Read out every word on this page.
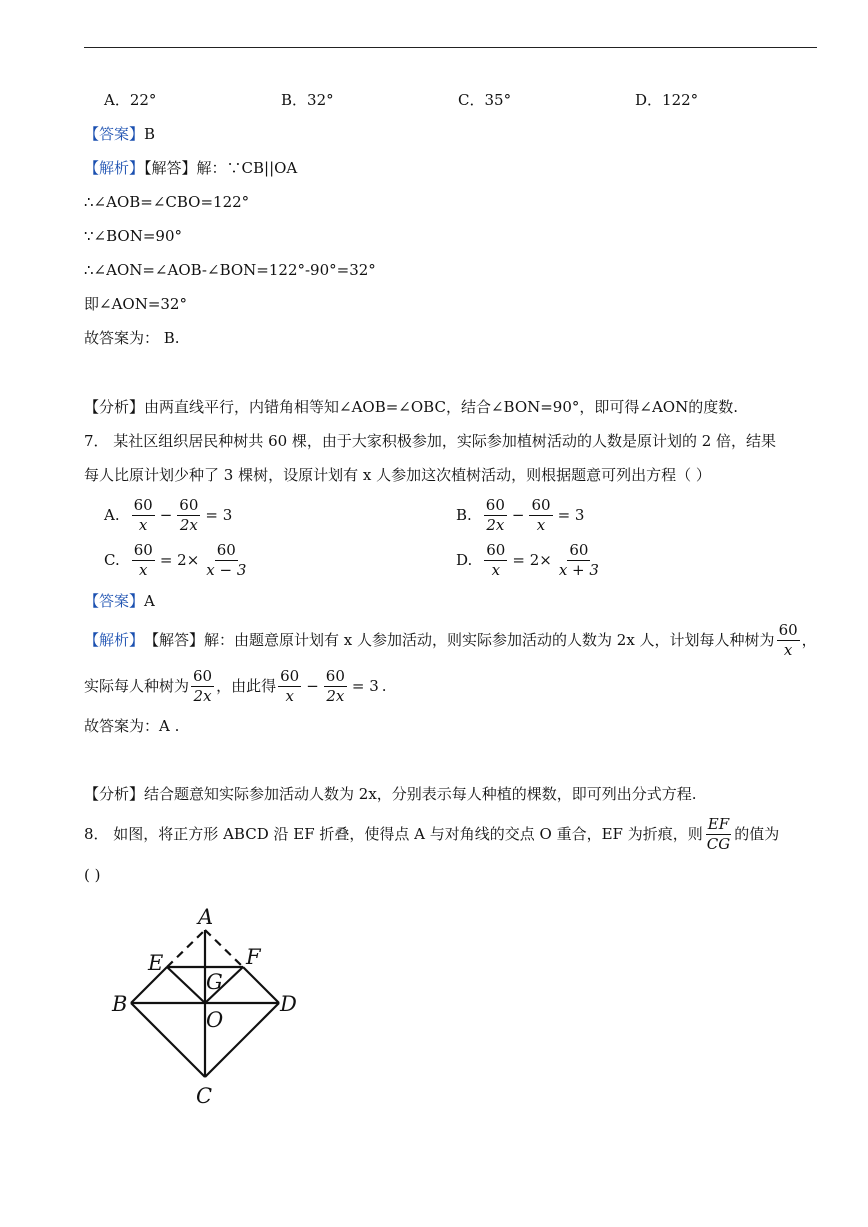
A．22°	B．32°	C．35°	D．122°
【答案】B
【解析】【解答】解：∵CB||OA
∴∠AOB=∠CBO=122°
∵∠BON=90°
∴∠AON=∠AOB-∠BON=122°-90°=32°
即∠AON=32°
故答案为： B.
【分析】由两直线平行，内错角相等知∠AOB=∠OBC，结合∠BON=90°，即可得∠AON的度数.
7． 某社区组织居民种树共 60 棵，由于大家积极参加，实际参加植树活动的人数是原计划的 2 倍，结果
每人比原计划少种了 3 棵树，设原计划有 x 人参加这次植树活动，则根据题意可列出方程（ ）
A. $\frac{60}{x} - \frac{60}{2x} = 3$	B. $\frac{60}{2x} - \frac{60}{x} = 3$
C. $\frac{60}{x} = 2\times \frac{60}{x - 3}$	D. $\frac{60}{x} = 2\times \frac{60}{x + 3}$
【答案】A
【解析】 【解答】解：由题意原计划有 x 人参加活动，则实际参加活动的人数为 2x 人，计划每人种树为 $\frac{60}{x}$ ，
实际每人种树为 $\frac{60}{2x}$ ，由此得 $\frac{60}{x} - \frac{60}{2x} = 3$ .
故答案为：A .
【分析】结合题意知实际参加活动人数为 2x，分别表示每人种植的棵数，即可列出分式方程.
8． 如图，将正方形 ABCD 沿 EF 折叠，使得点 A 与对角线的交点 O 重合，EF 为折痕，则 $\frac{EF}{CG}$ 的值为
( )
A
E	F
G
B
O
D
C
